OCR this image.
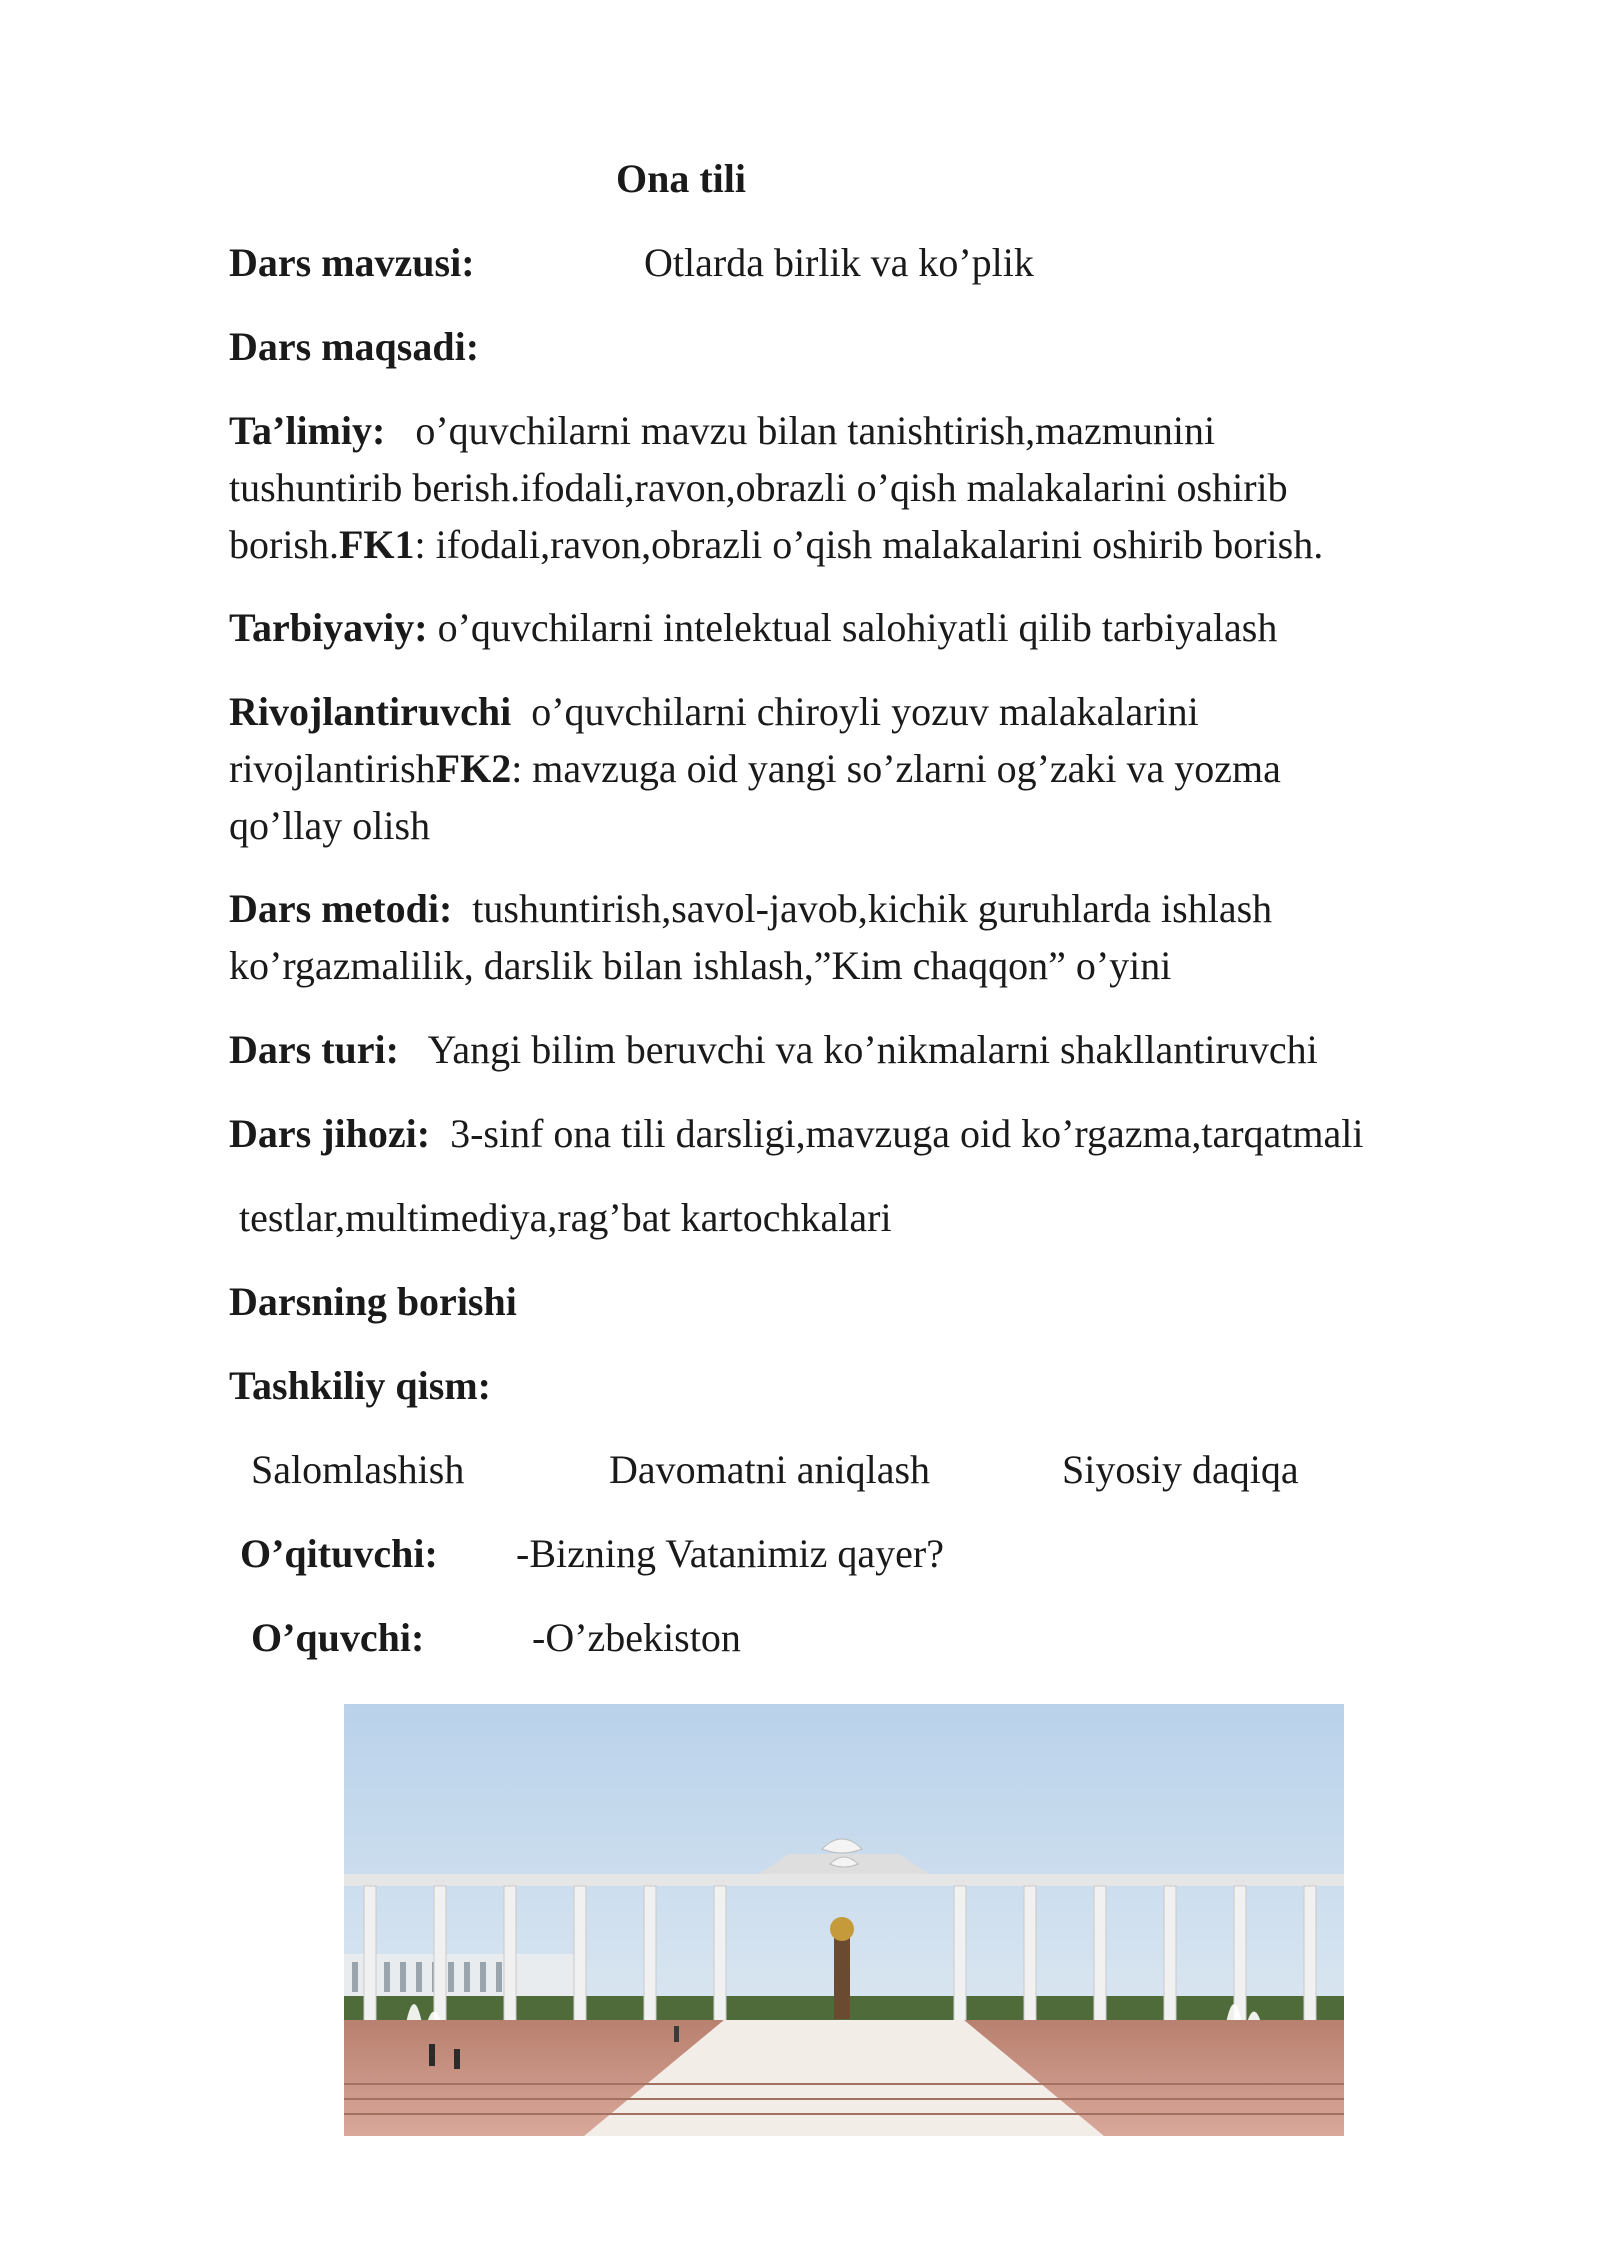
Ona tili
Dars mavzusi:	Otlarda birlik va ko’plik
Dars maqsadi:
Ta’limiy: o’quvchilarni mavzu bilan tanishtirish,mazmunini
tushuntirib berish.ifodali,ravon,obrazli o’qish malakalarini oshirib
borish.FK1: ifodali,ravon,obrazli o’qish malakalarini oshirib borish.
Tarbiyaviy: o’quvchilarni intelektual salohiyatli qilib tarbiyalash
Rivojlantiruvchi o’quvchilarni chiroyli yozuv malakalarini
rivojlantirishFK2: mavzuga oid yangi so’zlarni og’zaki va yozma
qo’llay olish
Dars metodi: tushuntirish,savol-javob,kichik guruhlarda ishlash
ko’rgazmalilik, darslik bilan ishlash,”Kim chaqqon” o’yini
Dars turi: Yangi bilim beruvchi va ko’nikmalarni shakllantiruvchi
Dars jihozi: 3-sinf ona tili darsligi,mavzuga oid ko’rgazma,tarqatmali
testlar,multimediya,rag’bat kartochkalari
Darsning borishi
Tashkiliy qism:
Salomlashish	Davomatni aniqlash	Siyosiy daqiqa
O’qituvchi: -Bizning Vatanimiz qayer?
O’quvchi:	-O’zbekiston
